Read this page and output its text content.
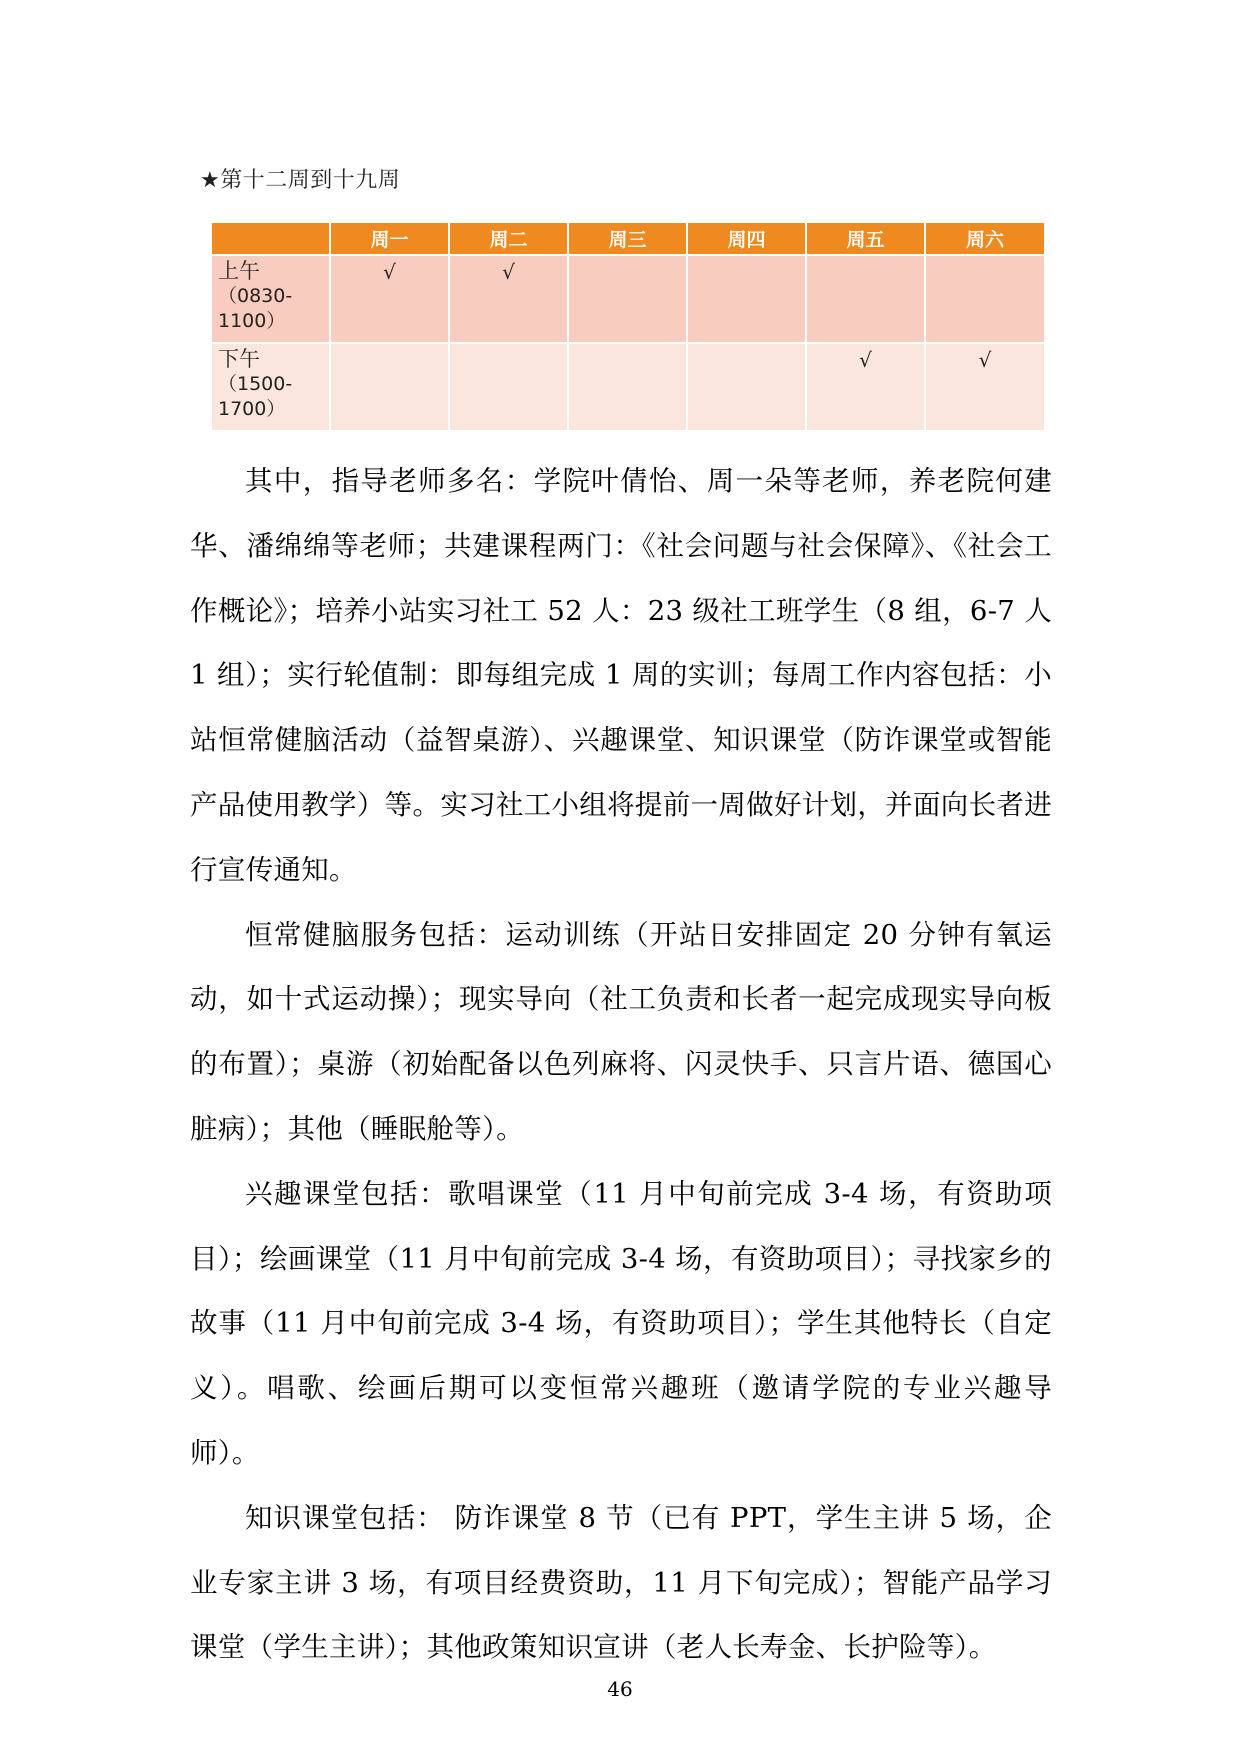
★第十二周到十九周
	周一	周二	周三	周四	周五	周六

上午
（0830-1100）	√	√				

下午
（1500-1700）					√	√

其中，指导老师多名：学院叶倩怡、周一朵等老师，养老院何建华、潘绵绵等老师；共建课程两门：《社会问题与社会保障》、《社会工作概论》；培养小站实习社工 52 人：23 级社工班学生（8 组，6-7 人 1 组）；实行轮值制：即每组完成 1 周的实训；每周工作内容包括：小站恒常健脑活动（益智桌游）、兴趣课堂、知识课堂（防诈课堂或智能产品使用教学）等。实习社工小组将提前一周做好计划，并面向长者进行宣传通知。

恒常健脑服务包括：运动训练（开站日安排固定 20 分钟有氧运动，如十式运动操）；现实导向（社工负责和长者一起完成现实导向板的布置）；桌游（初始配备以色列麻将、闪灵快手、只言片语、德国心脏病）；其他（睡眠舱等）。

兴趣课堂包括：歌唱课堂（11 月中旬前完成 3-4 场，有资助项目）；绘画课堂（11 月中旬前完成 3-4 场，有资助项目）；寻找家乡的故事（11 月中旬前完成 3-4 场，有资助项目）；学生其他特长（自定义）。唱歌、绘画后期可以变恒常兴趣班（邀请学院的专业兴趣导师）。

知识课堂包括： 防诈课堂 8 节（已有 PPT，学生主讲 5 场，企业专家主讲 3 场，有项目经费资助，11 月下旬完成）；智能产品学习课堂（学生主讲）；其他政策知识宣讲（老人长寿金、长护险等）。

46
